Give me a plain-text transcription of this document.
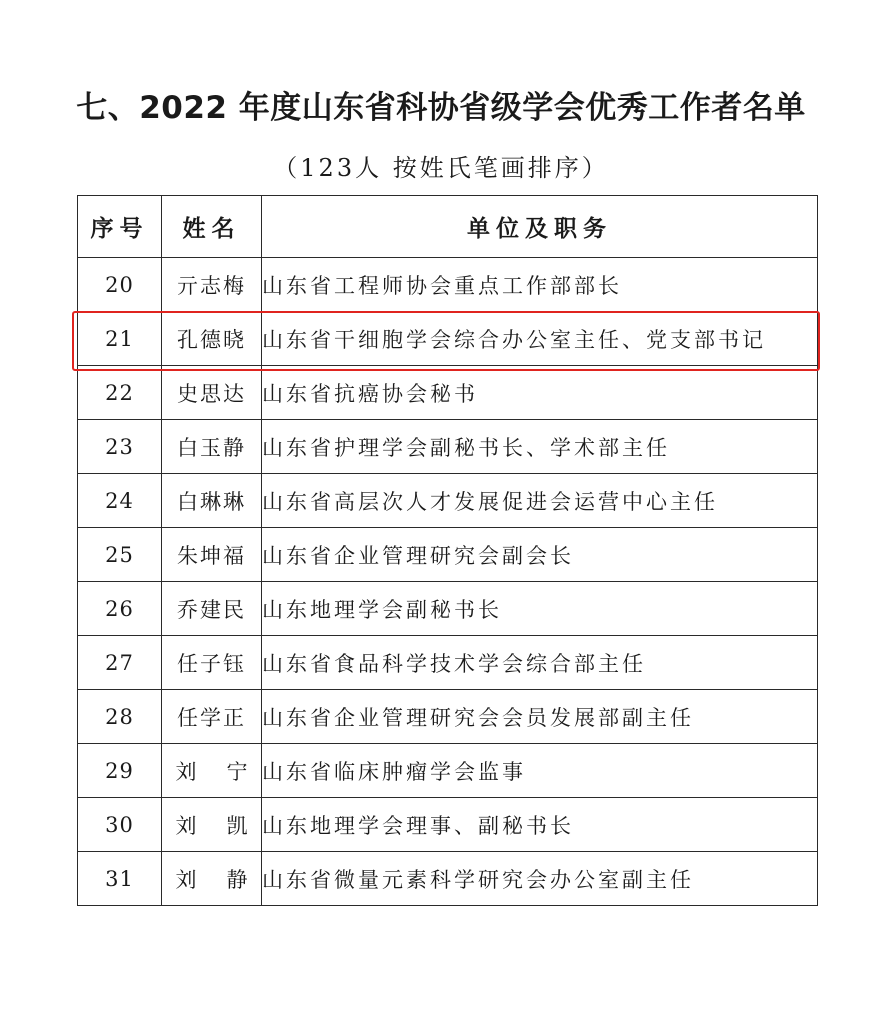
七、2022 年度山东省科协省级学会优秀工作者名单
（123人 按姓氏笔画排序）
序号	姓名	单位及职务
20	亓志梅	山东省工程师协会重点工作部部长
21	孔德晓	山东省干细胞学会综合办公室主任、党支部书记
22	史思达	山东省抗癌协会秘书
23	白玉静	山东省护理学会副秘书长、学术部主任
24	白琳琳	山东省高层次人才发展促进会运营中心主任
25	朱坤福	山东省企业管理研究会副会长
26	乔建民	山东地理学会副秘书长
27	任子钰	山东省食品科学技术学会综合部主任
28	任学正	山东省企业管理研究会会员发展部副主任
29	刘宁	山东省临床肿瘤学会监事
30	刘凯	山东地理学会理事、副秘书长
31	刘静	山东省微量元素科学研究会办公室副主任
